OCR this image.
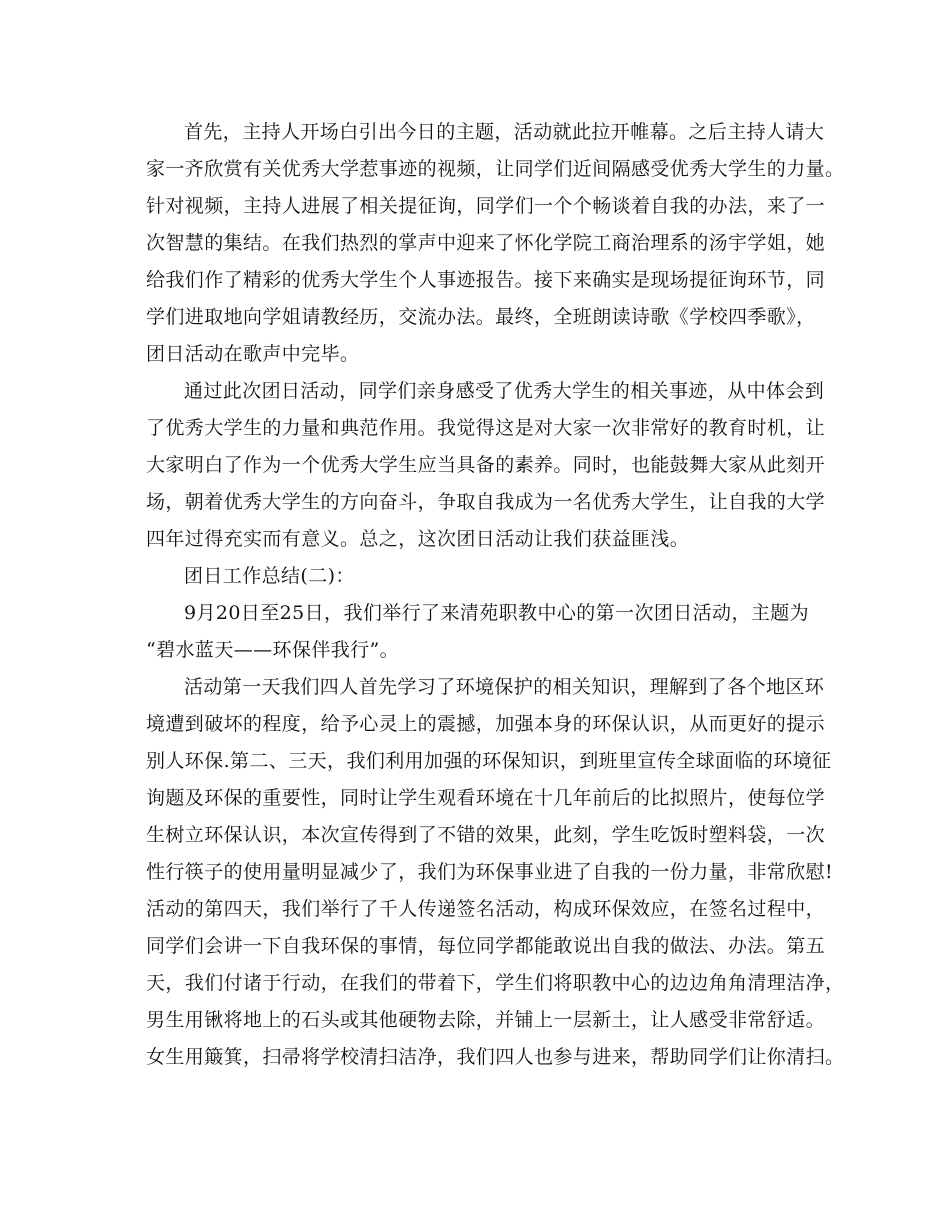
首先，主持人开场白引出今日的主题，活动就此拉开帷幕。之后主持人请大
家一齐欣赏有关优秀大学惹事迹的视频，让同学们近间隔感受优秀大学生的力量。
针对视频，主持人进展了相关提征询，同学们一个个畅谈着自我的办法，来了一
次智慧的集结。在我们热烈的掌声中迎来了怀化学院工商治理系的汤宇学姐，她
给我们作了精彩的优秀大学生个人事迹报告。接下来确实是现场提征询环节，同
学们进取地向学姐请教经历，交流办法。最终，全班朗读诗歌《学校四季歌》，
团日活动在歌声中完毕。

通过此次团日活动，同学们亲身感受了优秀大学生的相关事迹，从中体会到
了优秀大学生的力量和典范作用。我觉得这是对大家一次非常好的教育时机，让
大家明白了作为一个优秀大学生应当具备的素养。同时，也能鼓舞大家从此刻开
场，朝着优秀大学生的方向奋斗，争取自我成为一名优秀大学生，让自我的大学
四年过得充实而有意义。总之，这次团日活动让我们获益匪浅。

团日工作总结(二)：

9月20日至25日，我们举行了来清苑职教中心的第一次团日活动，主题为
“碧水蓝天——环保伴我行”。

活动第一天我们四人首先学习了环境保护的相关知识，理解到了各个地区环
境遭到破坏的程度，给予心灵上的震撼，加强本身的环保认识，从而更好的提示
别人环保.第二、三天，我们利用加强的环保知识，到班里宣传全球面临的环境征
询题及环保的重要性，同时让学生观看环境在十几年前后的比拟照片，使每位学
生树立环保认识，本次宣传得到了不错的效果，此刻，学生吃饭时塑料袋，一次
性行筷子的使用量明显减少了，我们为环保事业进了自我的一份力量，非常欣慰!
活动的第四天，我们举行了千人传递签名活动，构成环保效应，在签名过程中，
同学们会讲一下自我环保的事情，每位同学都能敢说出自我的做法、办法。第五
天，我们付诸于行动，在我们的带着下，学生们将职教中心的边边角角清理洁净，
男生用锹将地上的石头或其他硬物去除，并铺上一层新土，让人感受非常舒适。
女生用簸箕，扫帚将学校清扫洁净，我们四人也参与进来，帮助同学们让你清扫。
